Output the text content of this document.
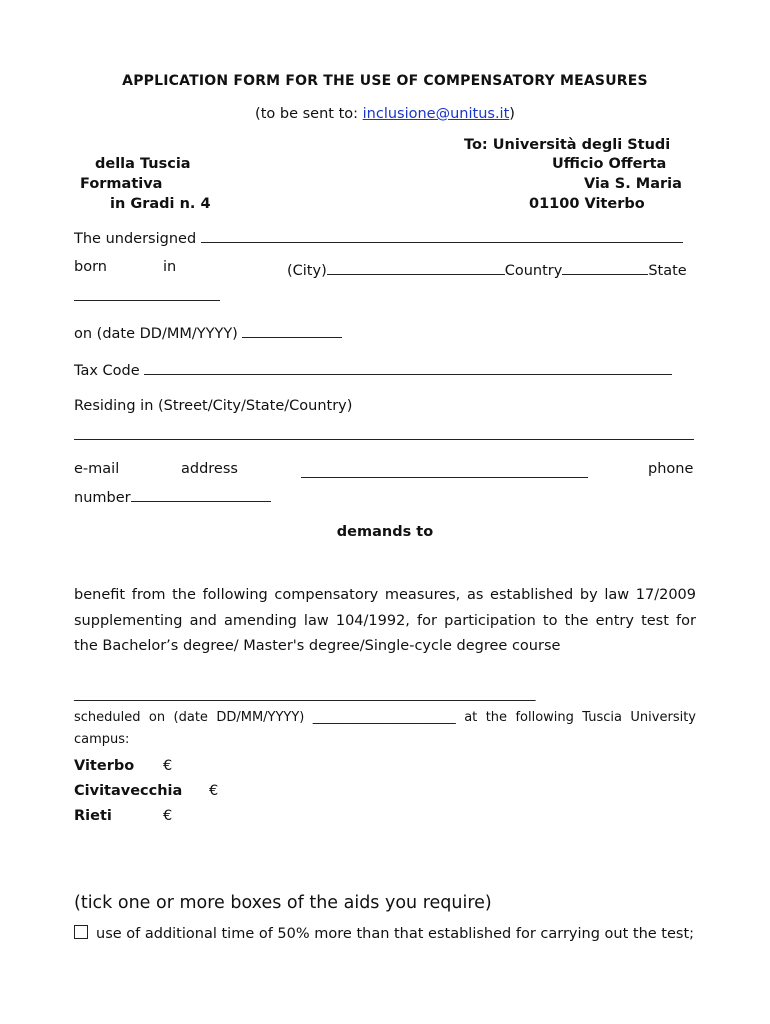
APPLICATION FORM FOR THE USE OF COMPENSATORY MEASURES
(to be sent to: inclusione@unitus.it)
To: Università degli Studi
della Tuscia	Ufficio Offerta
Formativa	Via S. Maria
in Gradi n. 4	01100 Viterbo
The undersigned
born	in	(City)	Country	State
on (date DD/MM/YYYY)
Tax Code
Residing in (Street/City/State/Country)
e-mail	address	phone
number
demands to
benefit from the following compensatory measures, as established by law 17/2009 supplementing and amending law 104/1992, for participation to the entry test for the Bachelor’s degree/ Master's degree/Single-cycle degree course
_______________________________________________________________________
scheduled on (date DD/MM/YYYY) ______________________ at the following Tuscia University campus:
Viterbo €
Civitavecchia €
Rieti	€
(tick one or more boxes of the aids you require)
use of additional time of 50% more than that established for carrying out the test;
